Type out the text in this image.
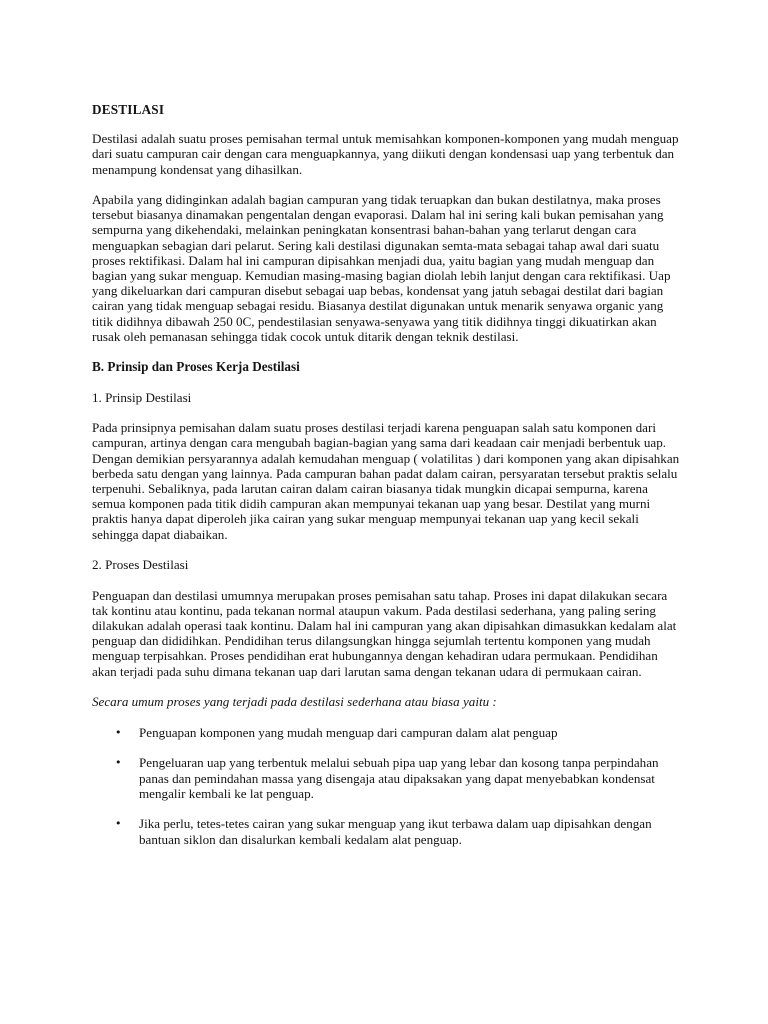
DESTILASI

Destilasi adalah suatu proses pemisahan termal untuk memisahkan komponen-komponen yang mudah menguap dari suatu campuran cair dengan cara menguapkannya, yang diikuti dengan kondensasi uap yang terbentuk dan menampung kondensat yang dihasilkan.

Apabila yang didinginkan adalah bagian campuran yang tidak teruapkan dan bukan destilatnya, maka proses tersebut biasanya dinamakan pengentalan dengan evaporasi. Dalam hal ini sering kali bukan pemisahan yang sempurna yang dikehendaki, melainkan peningkatan konsentrasi bahan-bahan yang terlarut dengan cara menguapkan sebagian dari pelarut. Sering kali destilasi digunakan semta-mata sebagai tahap awal dari suatu proses rektifikasi. Dalam hal ini campuran dipisahkan menjadi dua, yaitu bagian yang mudah menguap dan bagian yang sukar menguap. Kemudian masing-masing bagian diolah lebih lanjut dengan cara rektifikasi. Uap yang dikeluarkan dari campuran disebut sebagai uap bebas, kondensat yang jatuh sebagai destilat dari bagian cairan yang tidak menguap sebagai residu. Biasanya destilat digunakan untuk menarik senyawa organic yang titik didihnya dibawah 250 0C, pendestilasian senyawa-senyawa yang titik didihnya tinggi dikuatirkan akan rusak oleh pemanasan sehingga tidak cocok untuk ditarik dengan teknik destilasi.

B. Prinsip dan Proses Kerja Destilasi
1. Prinsip Destilasi

Pada prinsipnya pemisahan dalam suatu proses destilasi terjadi karena penguapan salah satu komponen dari campuran, artinya dengan cara mengubah bagian-bagian yang sama dari keadaan cair menjadi berbentuk uap. Dengan demikian persyarannya adalah kemudahan menguap ( volatilitas ) dari komponen yang akan dipisahkan berbeda satu dengan yang lainnya. Pada campuran bahan padat dalam cairan, persyaratan tersebut praktis selalu terpenuhi. Sebaliknya, pada larutan cairan dalam cairan biasanya tidak mungkin dicapai sempurna, karena semua komponen pada titik didih campuran akan mempunyai tekanan uap yang besar. Destilat yang murni praktis hanya dapat diperoleh jika cairan yang sukar menguap mempunyai tekanan uap yang kecil sekali sehingga dapat diabaikan.

2. Proses Destilasi

Penguapan dan destilasi umumnya merupakan proses pemisahan satu tahap. Proses ini dapat dilakukan secara tak kontinu atau kontinu, pada tekanan normal ataupun vakum. Pada destilasi sederhana, yang paling sering dilakukan adalah operasi taak kontinu. Dalam hal ini campuran yang akan dipisahkan dimasukkan kedalam alat penguap dan dididihkan. Pendidihan terus dilangsungkan hingga sejumlah tertentu komponen yang mudah menguap terpisahkan. Proses pendidihan erat hubungannya dengan kehadiran udara permukaan. Pendidihan akan terjadi pada suhu dimana tekanan uap dari larutan sama dengan tekanan udara di permukaan cairan.

Secara umum proses yang terjadi pada destilasi sederhana atau biasa yaitu :

• Penguapan komponen yang mudah menguap dari campuran dalam alat penguap
• Pengeluaran uap yang terbentuk melalui sebuah pipa uap yang lebar dan kosong tanpa perpindahan panas dan pemindahan massa yang disengaja atau dipaksakan yang dapat menyebabkan kondensat mengalir kembali ke lat penguap.
• Jika perlu, tetes-tetes cairan yang sukar menguap yang ikut terbawa dalam uap dipisahkan dengan bantuan siklon dan disalurkan kembali kedalam alat penguap.
